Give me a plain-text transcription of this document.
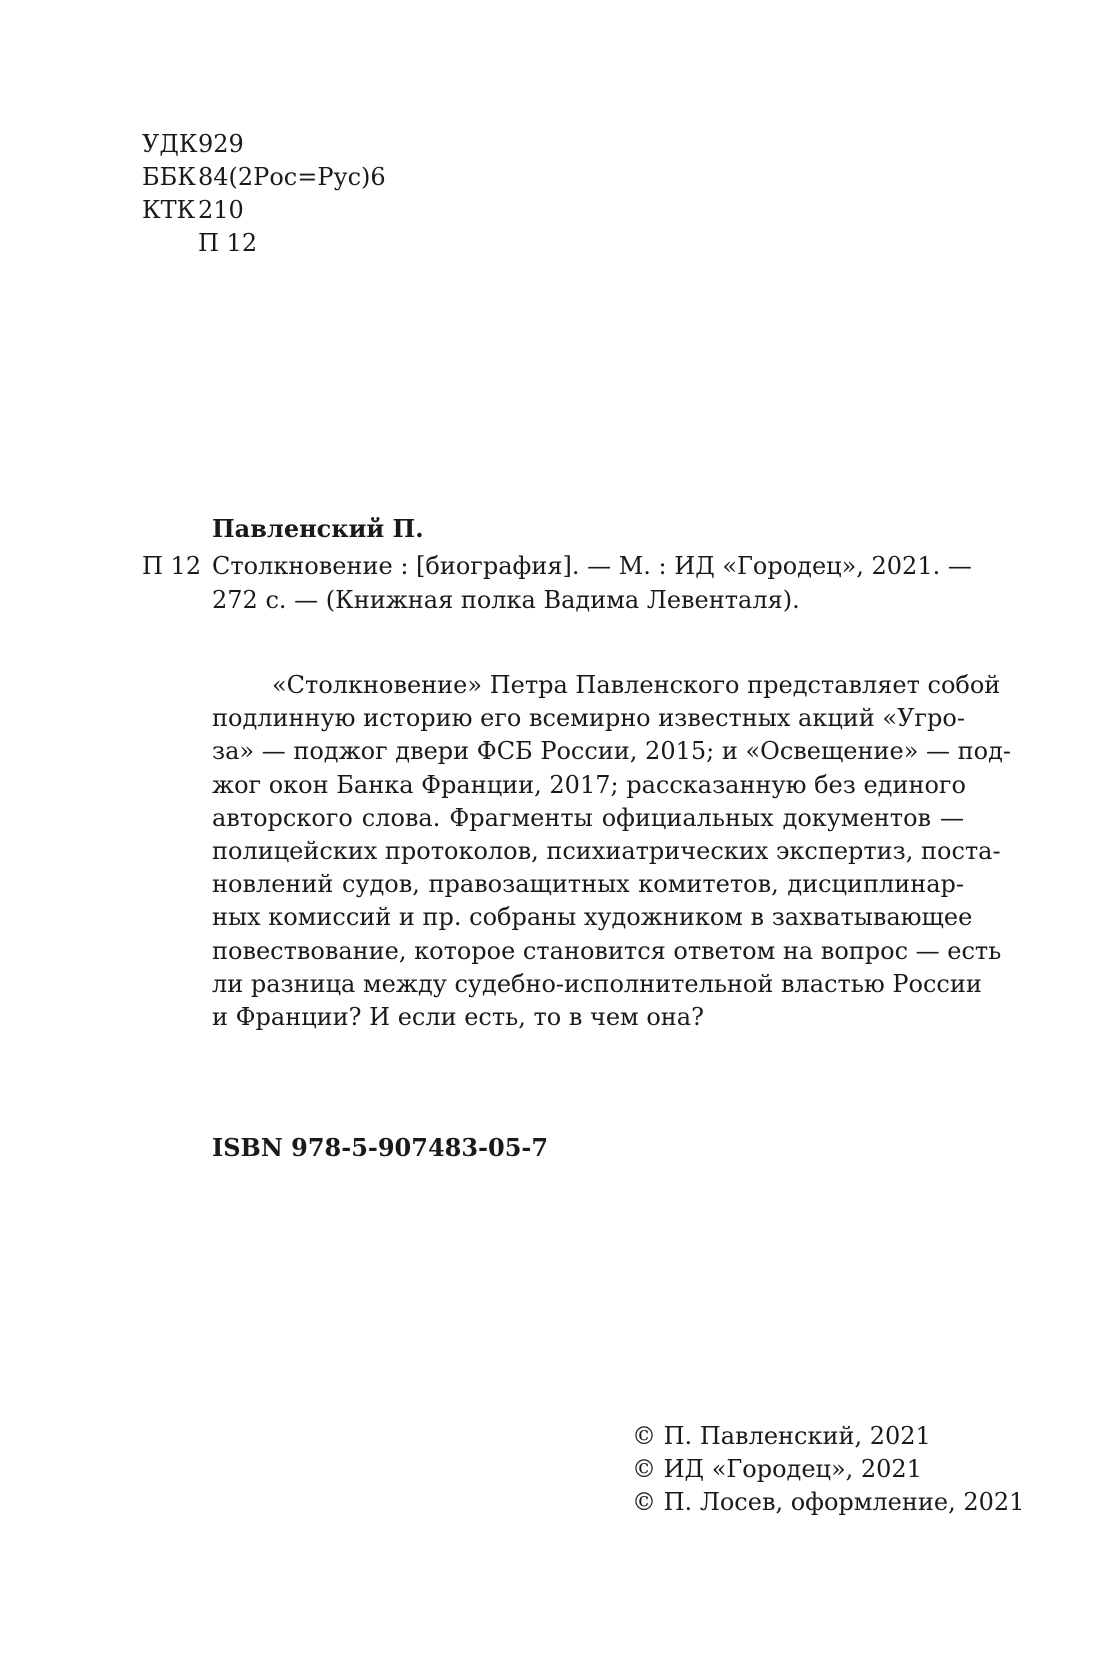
УДК 929
ББК 84(2Рос=Рус)6
КТК 210
П 12
Павленский П.
П 12 Столкновение : [биография]. — М. : ИД «Городец», 2021. —
272 с. — (Книжная полка Вадима Левенталя).
«Столкновение» Петра Павленского представляет собой
подлинную историю его всемирно известных акций «Угро-
за» — поджог двери ФСБ России, 2015; и «Освещение» — под-
жог окон Банка Франции, 2017; рассказанную без единого
авторского слова. Фрагменты официальных документов —
полицейских протоколов, психиатрических экспертиз, поста-
новлений судов, правозащитных комитетов, дисциплинар-
ных комиссий и пр. собраны художником в захватывающее
повествование, которое становится ответом на вопрос — есть
ли разница между судебно-исполнительной властью России
и Франции? И если есть, то в чем она?
ISBN 978-5-907483-05-7
© П. Павленский, 2021
© ИД «Городец», 2021
© П. Лосев, оформление, 2021
